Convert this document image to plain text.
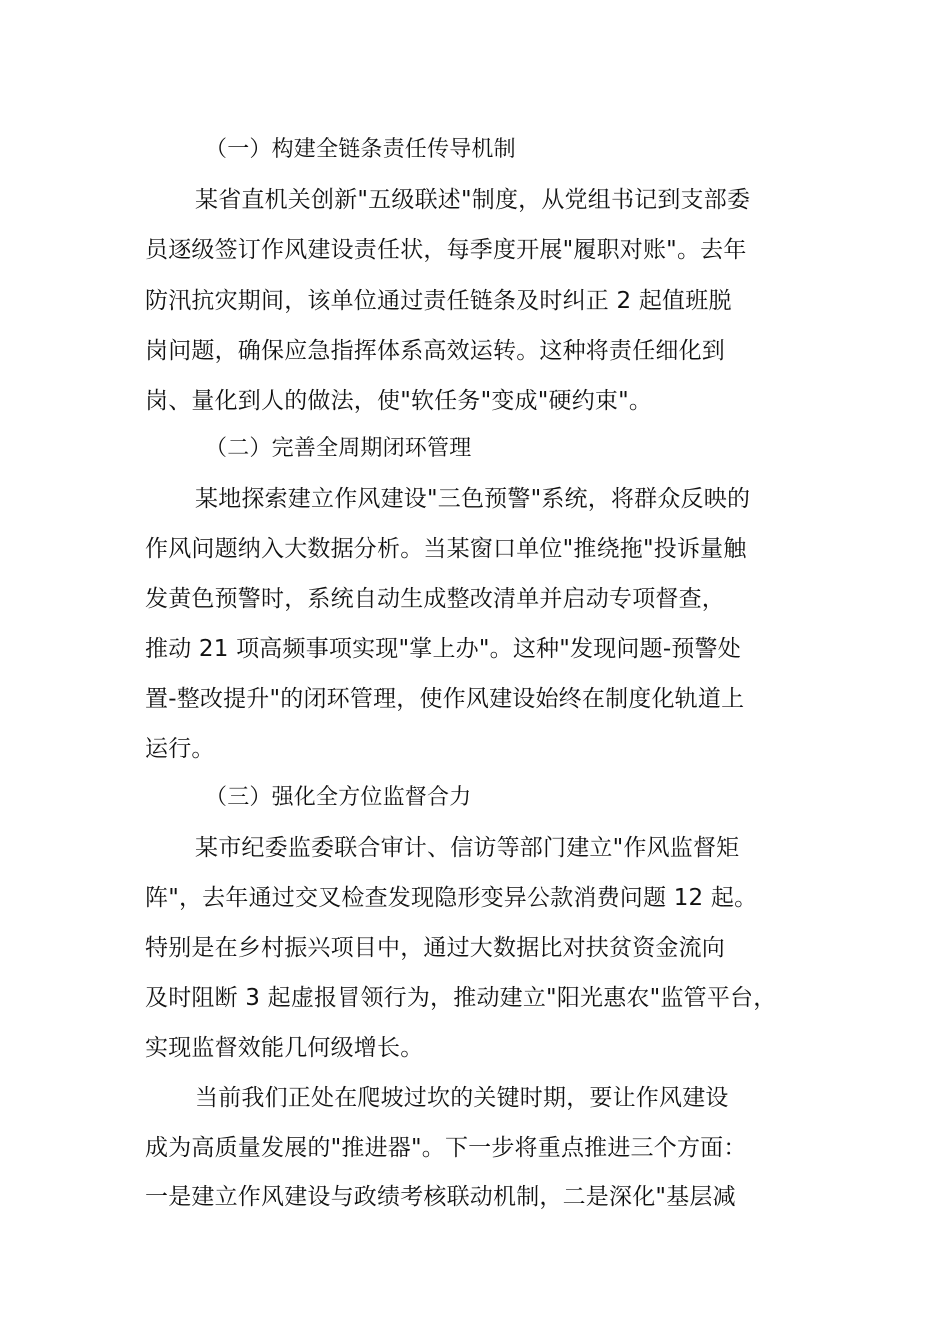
（一）构建全链条责任传导机制
某省直机关创新"五级联述"制度，从党组书记到支部委
员逐级签订作风建设责任状，每季度开展"履职对账"。去年
防汛抗灾期间，该单位通过责任链条及时纠正 2 起值班脱
岗问题，确保应急指挥体系高效运转。这种将责任细化到
岗、量化到人的做法，使"软任务"变成"硬约束"。
（二）完善全周期闭环管理
某地探索建立作风建设"三色预警"系统，将群众反映的
作风问题纳入大数据分析。当某窗口单位"推绕拖"投诉量触
发黄色预警时，系统自动生成整改清单并启动专项督查，
推动 21 项高频事项实现"掌上办"。这种"发现问题-预警处
置-整改提升"的闭环管理，使作风建设始终在制度化轨道上
运行。
（三）强化全方位监督合力
某市纪委监委联合审计、信访等部门建立"作风监督矩
阵"，去年通过交叉检查发现隐形变异公款消费问题 12 起。
特别是在乡村振兴项目中，通过大数据比对扶贫资金流向
及时阻断 3 起虚报冒领行为，推动建立"阳光惠农"监管平台，
实现监督效能几何级增长。
当前我们正处在爬坡过坎的关键时期，要让作风建设
成为高质量发展的"推进器"。下一步将重点推进三个方面：
一是建立作风建设与政绩考核联动机制，二是深化"基层减
